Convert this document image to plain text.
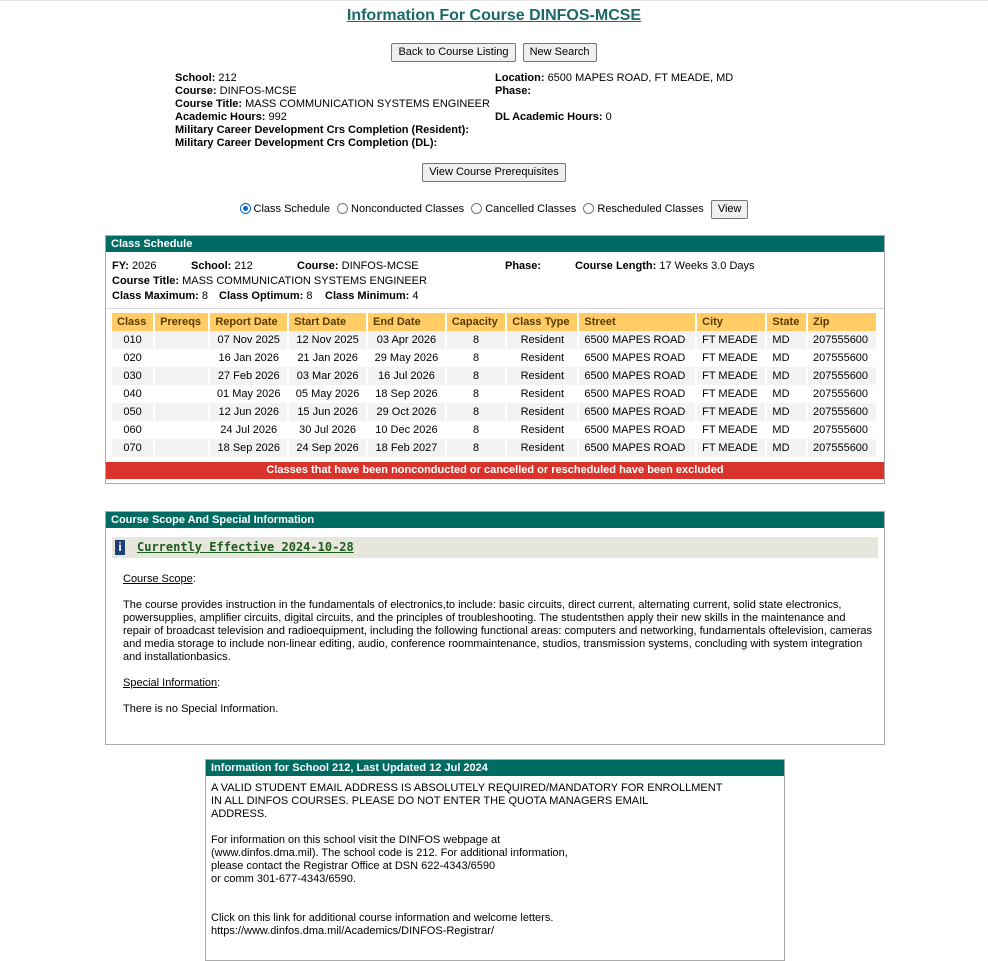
Information For Course DINFOS-MCSE
Back to Course Listing New Search
School: 212
Course: DINFOS-MCSE
Course Title: MASS COMMUNICATION SYSTEMS ENGINEER
Academic Hours: 992
Military Career Development Crs Completion (Resident):
Military Career Development Crs Completion (DL):
Location: 6500 MAPES ROAD, FT MEADE, MD
Phase:
DL Academic Hours: 0
View Course Prerequisites
Class Schedule Nonconducted Classes Cancelled Classes Rescheduled Classes View
Class Schedule
FY: 2026	School: 212	Course: DINFOS-MCSE	Phase:	Course Length: 17 Weeks 3.0 Days
Course Title: MASS COMMUNICATION SYSTEMS ENGINEER
Class Maximum: 8 Class Optimum: 8 Class Minimum: 4
Class	Prereqs	Report Date	Start Date	End Date	Capacity	Class Type	Street	City	State	Zip
010		07 Nov 2025	12 Nov 2025	03 Apr 2026	8	Resident	6500 MAPES ROAD	FT MEADE	MD	207555600
020		16 Jan 2026	21 Jan 2026	29 May 2026	8	Resident	6500 MAPES ROAD	FT MEADE	MD	207555600
030		27 Feb 2026	03 Mar 2026	16 Jul 2026	8	Resident	6500 MAPES ROAD	FT MEADE	MD	207555600
040		01 May 2026	05 May 2026	18 Sep 2026	8	Resident	6500 MAPES ROAD	FT MEADE	MD	207555600
050		12 Jun 2026	15 Jun 2026	29 Oct 2026	8	Resident	6500 MAPES ROAD	FT MEADE	MD	207555600
060		24 Jul 2026	30 Jul 2026	10 Dec 2026	8	Resident	6500 MAPES ROAD	FT MEADE	MD	207555600
070		18 Sep 2026	24 Sep 2026	18 Feb 2027	8	Resident	6500 MAPES ROAD	FT MEADE	MD	207555600
Classes that have been nonconducted or cancelled or rescheduled have been excluded
Course Scope And Special Information
i Currently Effective 2024-10-28
Course Scope:
The course provides instruction in the fundamentals of electronics,to include: basic circuits, direct current, alternating current, solid state electronics, powersupplies, amplifier circuits, digital circuits, and the principles of troubleshooting. The studentsthen apply their new skills in the maintenance and repair of broadcast television and radioequipment, including the following functional areas: computers and networking, fundamentals oftelevision, cameras and media storage to include non-linear editing, audio, conference roommaintenance, studios, transmission systems, concluding with system integration and installationbasics.
Special Information:
There is no Special Information.
Information for School 212, Last Updated 12 Jul 2024
A VALID STUDENT EMAIL ADDRESS IS ABSOLUTELY REQUIRED/MANDATORY FOR ENROLLMENT
IN ALL DINFOS COURSES. PLEASE DO NOT ENTER THE QUOTA MANAGERS EMAIL
ADDRESS.

For information on this school visit the DINFOS webpage at
(www.dinfos.dma.mil). The school code is 212. For additional information,
please contact the Registrar Office at DSN 622-4343/6590
or comm 301-677-4343/6590.

Click on this link for additional course information and welcome letters.
https://www.dinfos.dma.mil/Academics/DINFOS-Registrar/
